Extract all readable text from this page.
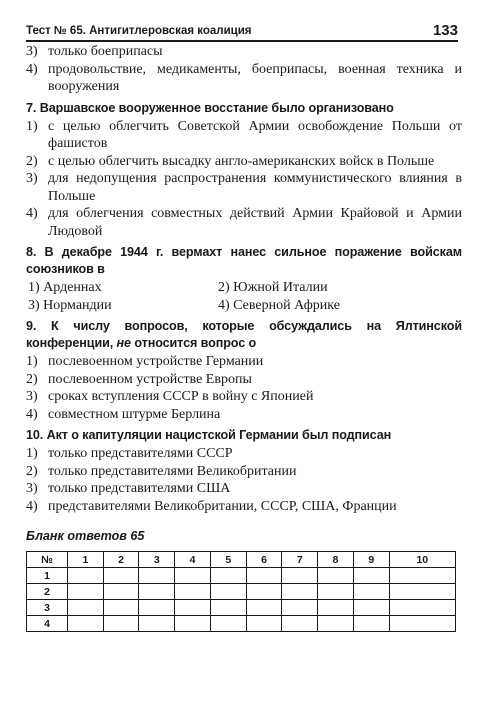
Тест № 65. Антигитлеровская коалиция	133
3) только боеприпасы
4) продовольствие, медикаменты, боеприпасы, военная техника и вооружения
7. Варшавское вооруженное восстание было организовано
1) с целью облегчить Советской Армии освобождение Польши от фашистов
2) с целью облегчить высадку англо-американских войск в Польше
3) для недопущения распространения коммунистического влияния в Польше
4) для облегчения совместных действий Армии Крайовой и Армии Людовой
8. В декабре 1944 г. вермахт нанес сильное поражение войскам союзников в
1) Арденнах	2) Южной Италии
3) Нормандии	4) Северной Африке
9. К числу вопросов, которые обсуждались на Ялтинской конференции, не относится вопрос о
1) послевоенном устройстве Германии
2) послевоенном устройстве Европы
3) сроках вступления СССР в войну с Японией
4) совместном штурме Берлина
10. Акт о капитуляции нацистской Германии был подписан
1) только представителями СССР
2) только представителями Великобритании
3) только представителями США
4) представителями Великобритании, СССР, США, Франции
Бланк ответов 65
№	1	2	3	4	5	6	7	8	9	10
1										
2										
3										
4										
